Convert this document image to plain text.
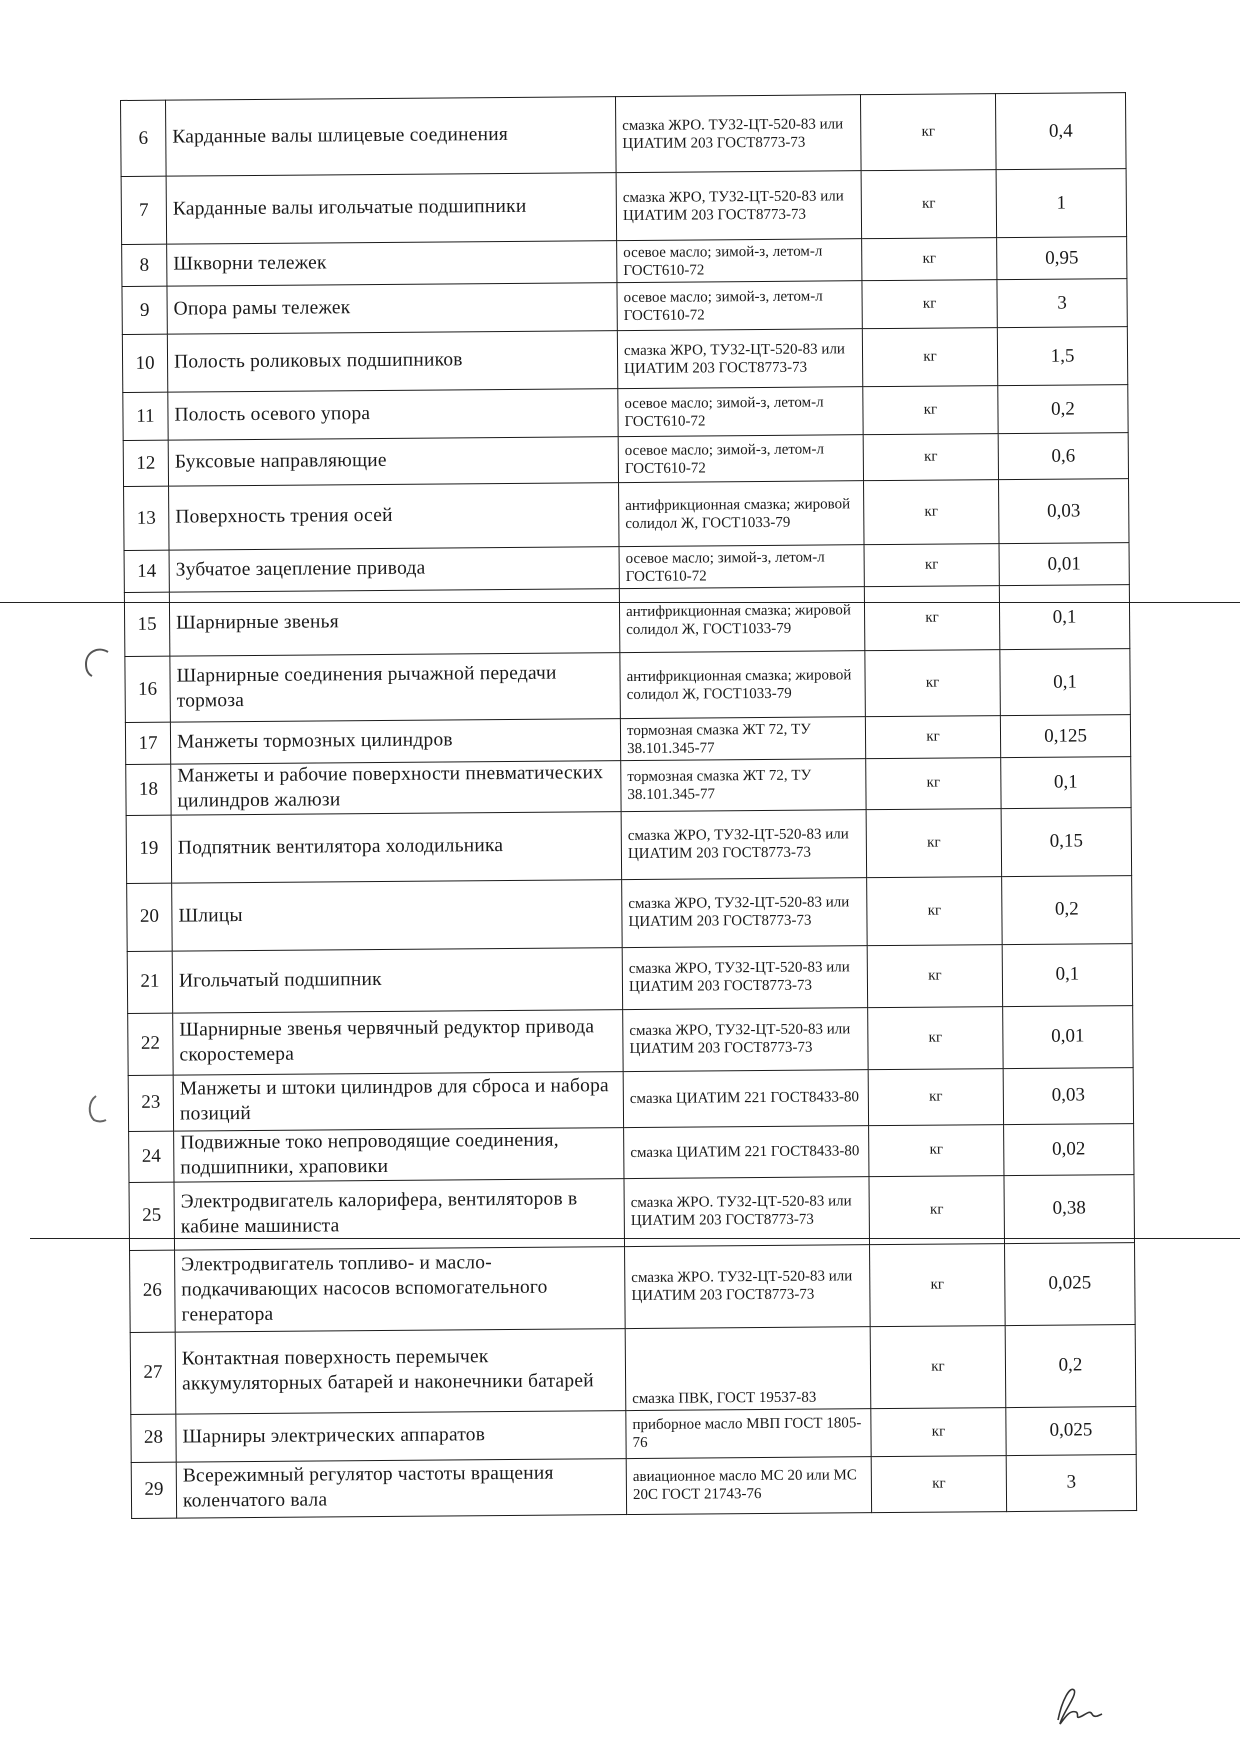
6	Карданные валы шлицевые соединения	смазка ЖРО. ТУ32-ЦТ-520-83 или ЦИАТИМ 203 ГОСТ8773-73	кг	0,4
7	Карданные валы игольчатые подшипники	смазка ЖРО, ТУ32-ЦТ-520-83 или ЦИАТИМ 203 ГОСТ8773-73	кг	1
8	Шкворни тележек	осевое масло; зимой-з, летом-л ГОСТ610-72	кг	0,95
9	Опора рамы тележек	осевое масло; зимой-з, летом-л ГОСТ610-72	кг	3
10	Полость роликовых подшипников	смазка ЖРО, ТУ32-ЦТ-520-83 или ЦИАТИМ 203 ГОСТ8773-73	кг	1,5
11	Полость осевого упора	осевое масло; зимой-з, летом-л ГОСТ610-72	кг	0,2
12	Буксовые направляющие	осевое масло; зимой-з, летом-л ГОСТ610-72	кг	0,6
13	Поверхность трения осей	антифрикционная смазка; жировой солидол Ж, ГОСТ1033-79	кг	0,03
14	Зубчатое зацепление привода	осевое масло; зимой-з, летом-л ГОСТ610-72	кг	0,01
15	Шарнирные звенья	антифрикционная смазка; жировой солидол Ж, ГОСТ1033-79	кг	0,1
16	Шарнирные соединения рычажной передачи тормоза	антифрикционная смазка; жировой солидол Ж, ГОСТ1033-79	кг	0,1
17	Манжеты тормозных цилиндров	тормозная смазка ЖТ 72, ТУ 38.101.345-77	кг	0,125
18	Манжеты и рабочие поверхности пневматических цилиндров жалюзи	тормозная смазка ЖТ 72, ТУ 38.101.345-77	кг	0,1
19	Подпятник вентилятора холодильника	смазка ЖРО, ТУ32-ЦТ-520-83 или ЦИАТИМ 203 ГОСТ8773-73	кг	0,15
20	Шлицы	смазка ЖРО, ТУ32-ЦТ-520-83 или ЦИАТИМ 203 ГОСТ8773-73	кг	0,2
21	Игольчатый подшипник	смазка ЖРО, ТУ32-ЦТ-520-83 или ЦИАТИМ 203 ГОСТ8773-73	кг	0,1
22	Шарнирные звенья червячный редуктор привода скоростемера	смазка ЖРО, ТУ32-ЦТ-520-83 или ЦИАТИМ 203 ГОСТ8773-73	кг	0,01
23	Манжеты и штоки цилиндров для сброса и набора позиций	смазка ЦИАТИМ 221 ГОСТ8433-80	кг	0,03
24	Подвижные токо непроводящие соединения, подшипники, храповики	смазка ЦИАТИМ 221 ГОСТ8433-80	кг	0,02
25	Электродвигатель калорифера, вентиляторов в кабине машиниста	смазка ЖРО. ТУ32-ЦТ-520-83 или ЦИАТИМ 203 ГОСТ8773-73	кг	0,38
26	Электродвигатель топливо- и масло-подкачивающих насосов вспомогательного генератора	смазка ЖРО. ТУ32-ЦТ-520-83 или ЦИАТИМ 203 ГОСТ8773-73	кг	0,025
27	Контактная поверхность перемычек аккумуляторных батарей и наконечники батарей	смазка ПВК, ГОСТ 19537-83	кг	0,2
28	Шарниры электрических аппаратов	приборное масло МВП ГОСТ 1805-76	кг	0,025
29	Всережимный регулятор частоты вращения коленчатого вала	авиационное масло МС 20 или МС 20С ГОСТ 21743-76	кг	3
